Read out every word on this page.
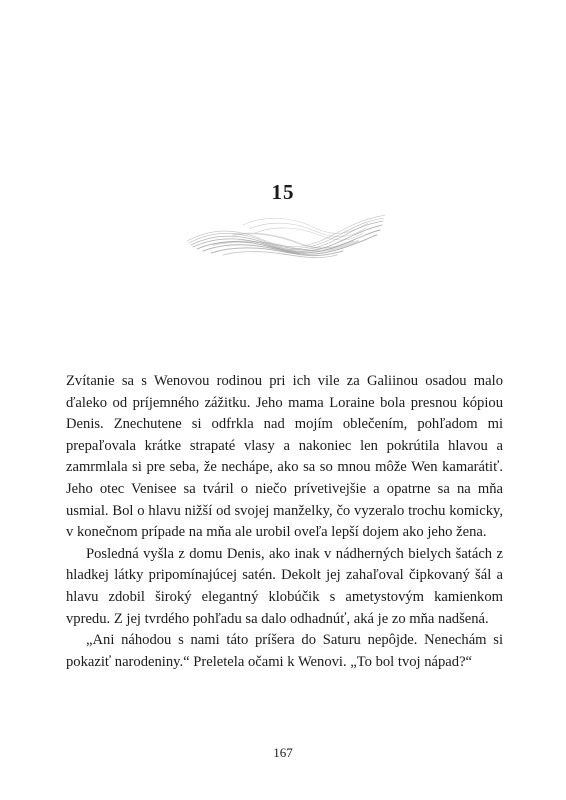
15

Zvítanie sa s Wenovou rodinou pri ich vile za Galiinou osadou malo ďaleko od príjemného zážitku. Jeho mama Loraine bola presnou kópiou Denis. Znechutene si odfrkla nad mojím oblečením, pohľadom mi prepaľovala krátke strapaté vlasy a nakoniec len pokrútila hlavou a zamrmlala si pre seba, že nechápe, ako sa so mnou môže Wen kamarátiť. Jeho otec Venisee sa tváril o niečo prívetivejšie a opatrne sa na mňa usmial. Bol o hlavu nižší od svojej manželky, čo vyzeralo trochu komicky, v konečnom prípade na mňa ale urobil oveľa lepší dojem ako jeho žena.

Posledná vyšla z domu Denis, ako inak v nádherných bielych šatách z hladkej látky pripomínajúcej satén. Dekolt jej zahaľoval čipkovaný šál a hlavu zdobil široký elegantný klobúčik s ametystovým kamienkom vpredu. Z jej tvrdého pohľadu sa dalo odhadnúť, aká je zo mňa nadšená.

„Ani náhodou s nami táto príšera do Saturu nepôjde. Nenechám si pokaziť narodeniny.“ Preletela očami k Wenovi. „To bol tvoj nápad?“

167
